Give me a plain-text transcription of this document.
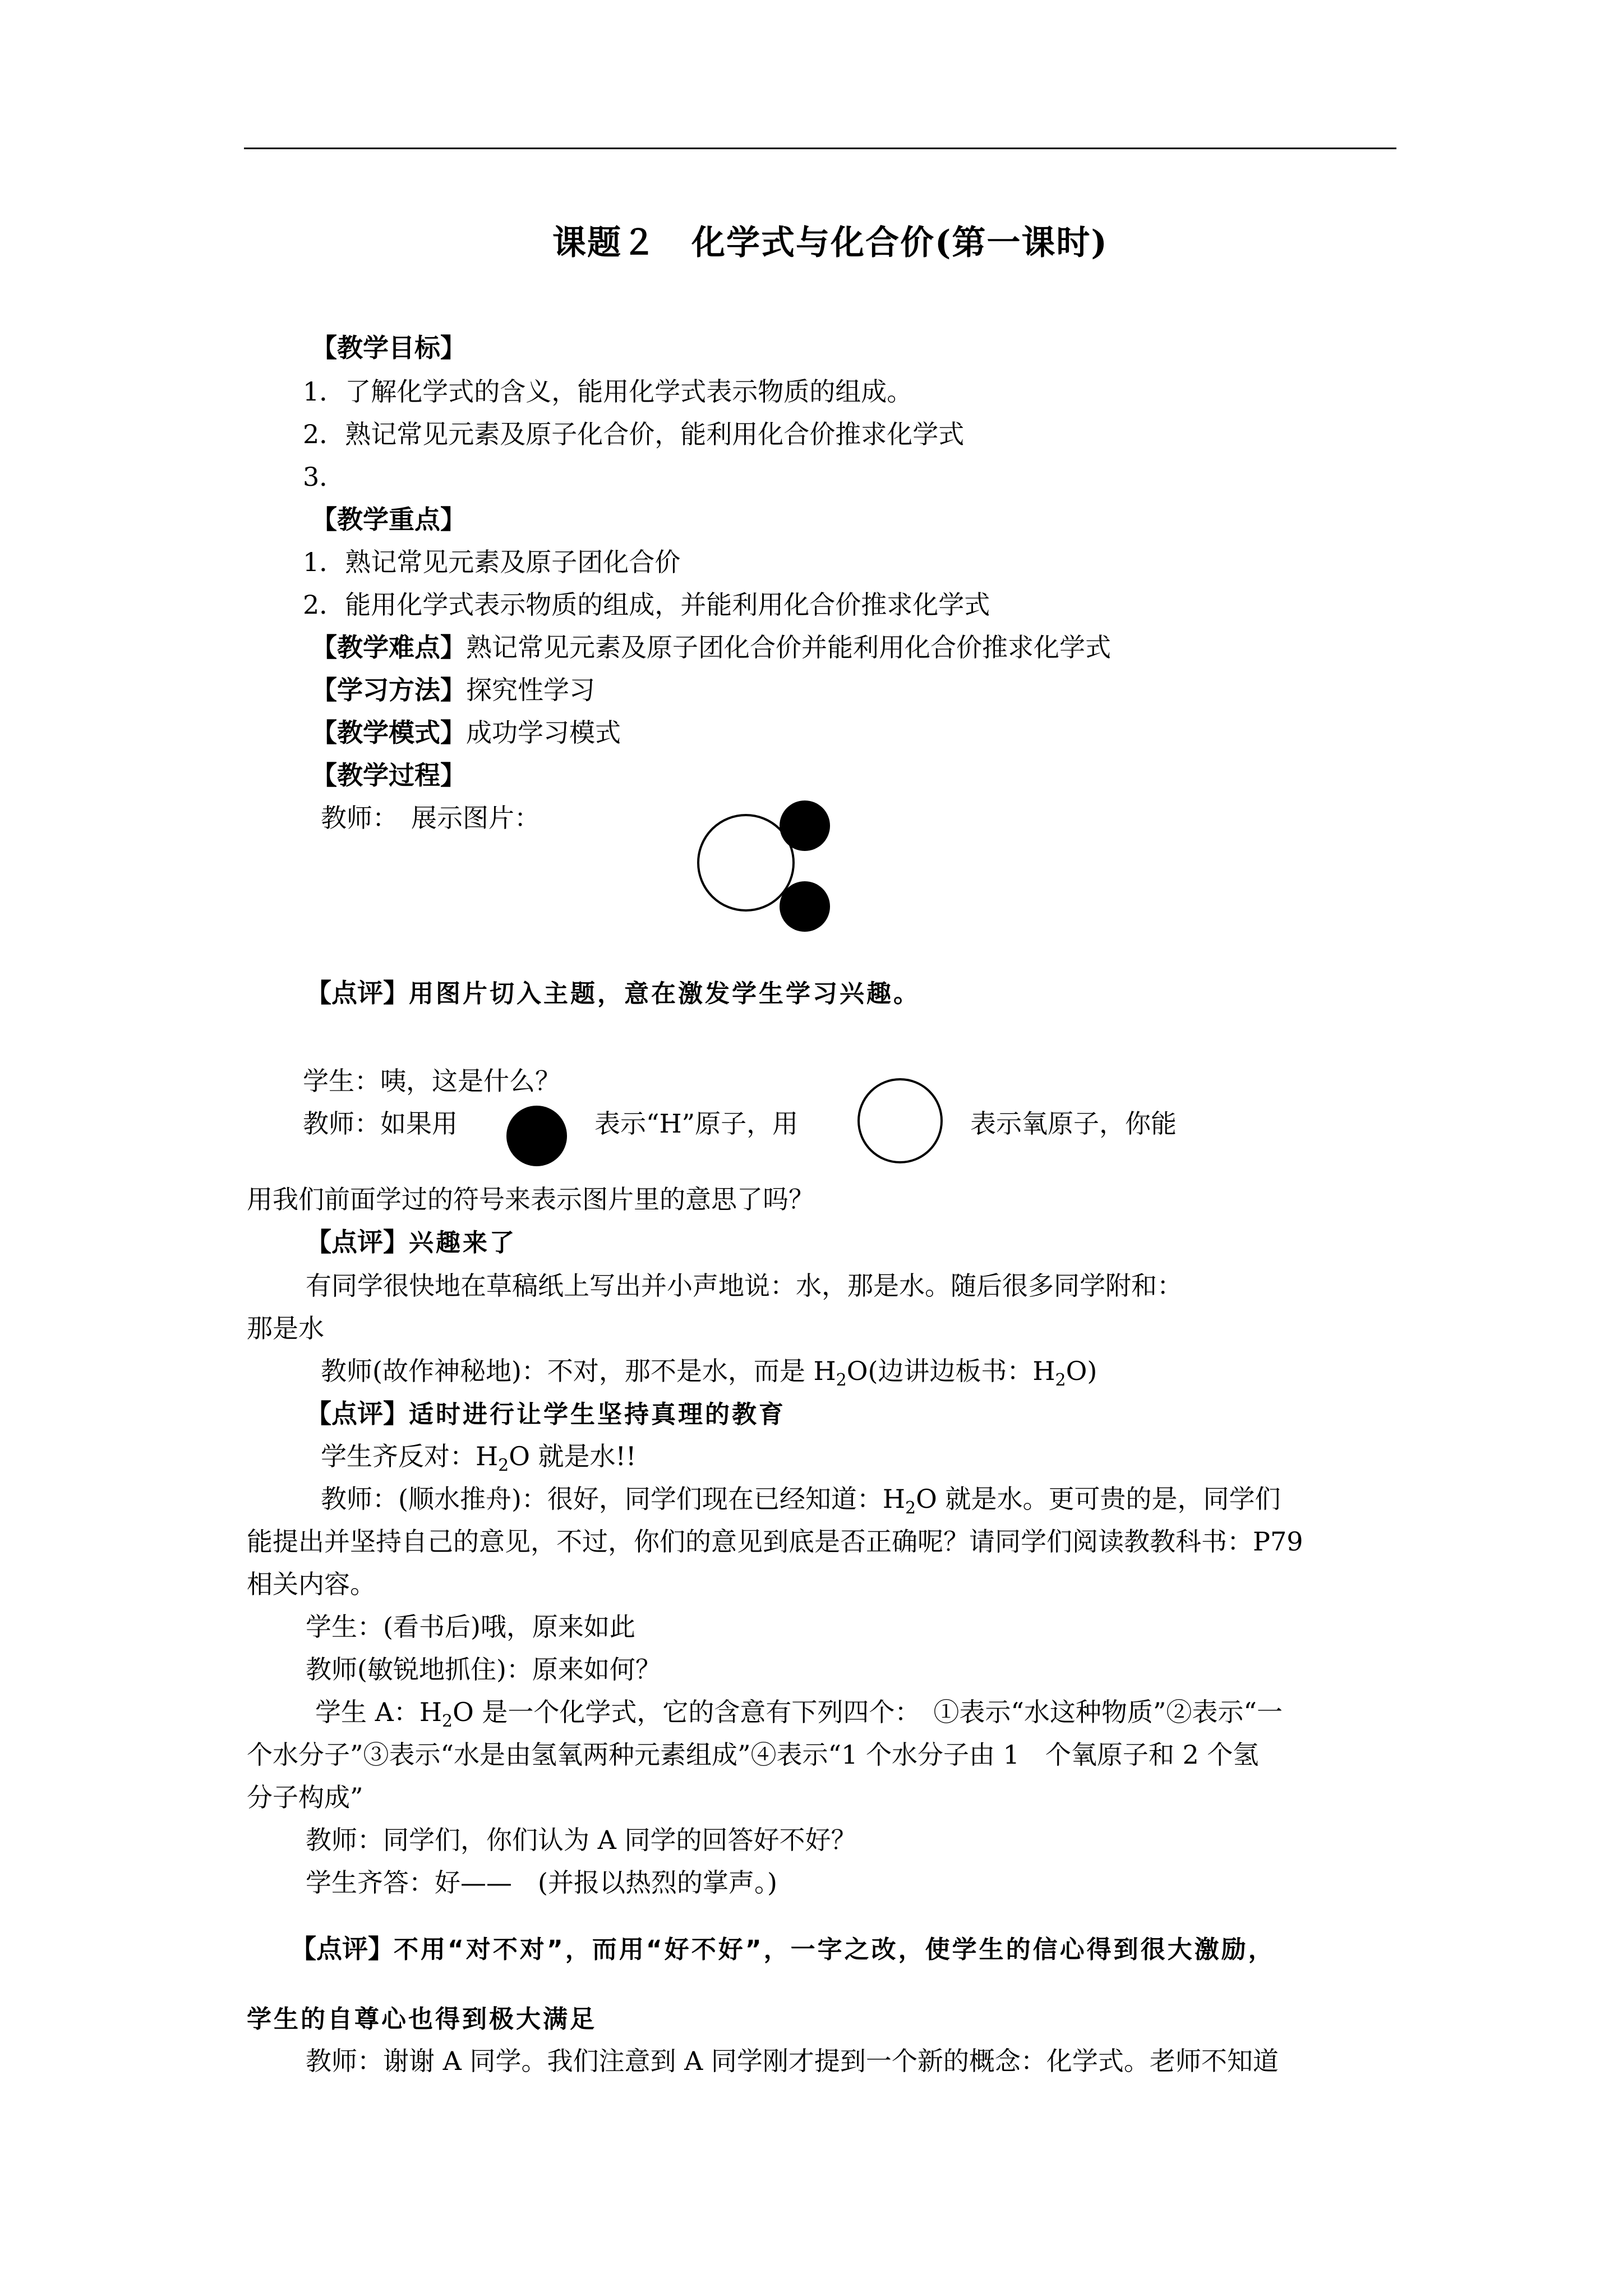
课题２　化学式与化合价(第一课时)
【教学目标】
1．了解化学式的含义，能用化学式表示物质的组成。
2．熟记常见元素及原子化合价，能利用化合价推求化学式
3．
【教学重点】
1．熟记常见元素及原子团化合价
2．能用化学式表示物质的组成，并能利用化合价推求化学式
【教学难点】熟记常见元素及原子团化合价并能利用化合价推求化学式
【学习方法】探究性学习
【教学模式】成功学习模式
【教学过程】
教师：　展示图片：
【点评】用图片切入主题，意在激发学生学习兴趣。
学生：咦，这是什么？
教师：如果用	表示“H”原子，用	表示氧原子，你能
用我们前面学过的符号来表示图片里的意思了吗？
【点评】兴趣来了
有同学很快地在草稿纸上写出并小声地说：水，那是水。随后很多同学附和：
那是水
教师(故作神秘地)：不对，那不是水，而是 $H_2O$(边讲边板书：$H_2O$)
【点评】适时进行让学生坚持真理的教育
学生齐反对：$H_2O$ 就是水!!
教师：(顺水推舟)：很好，同学们现在已经知道：$H_2O$ 就是水。更可贵的是，同学们
能提出并坚持自己的意见，不过，你们的意见到底是否正确呢？请同学们阅读教教科书：P79
相关内容。
学生：(看书后)哦，原来如此
教师(敏锐地抓住)：原来如何？
学生 A：$H_2O$ 是一个化学式，它的含意有下列四个：　①表示“水这种物质”②表示“一
个水分子”③表示“水是由氢氧两种元素组成”④表示“1 个水分子由 1　个氧原子和 2 个氢
分子构成”
教师：同学们，你们认为 A 同学的回答好不好？
学生齐答：好——　(并报以热烈的掌声。)
【点评】不用“对不对”，而用“好不好”，一字之改，使学生的信心得到很大激励，
学生的自尊心也得到极大满足
教师：谢谢 A 同学。我们注意到 A 同学刚才提到一个新的概念：化学式。老师不知道
